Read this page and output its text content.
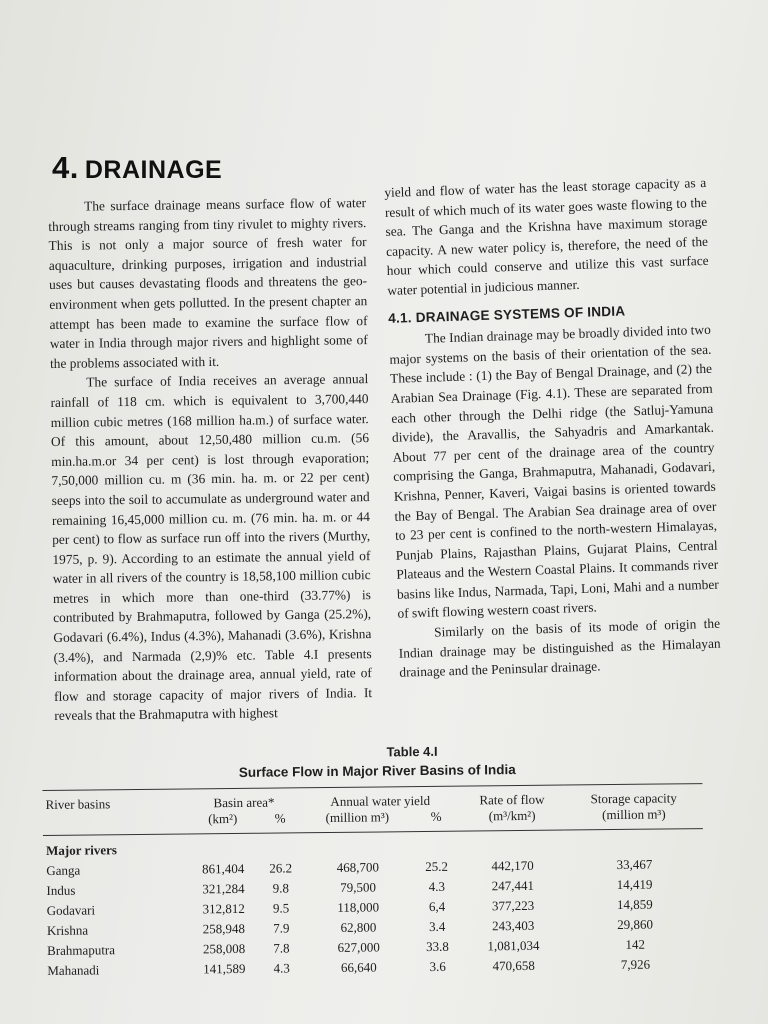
4. DRAINAGE

The surface drainage means surface flow of water through streams ranging from tiny rivulet to mighty rivers. This is not only a major source of fresh water for aquaculture, drinking purposes, irrigation and industrial uses but causes devastating floods and threatens the geo-environment when gets pollutted. In the present chapter an attempt has been made to examine the surface flow of water in India through major rivers and highlight some of the problems associated with it.

The surface of India receives an average annual rainfall of 118 cm. which is equivalent to 3,700,440 million cubic metres (168 million ha.m.) of surface water. Of this amount, about 12,50,480 million cu.m. (56 min.ha.m.or 34 per cent) is lost through evaporation; 7,50,000 million cu. m (36 min. ha. m. or 22 per cent) seeps into the soil to accumulate as underground water and remaining 16,45,000 million cu. m. (76 min. ha. m. or 44 per cent) to flow as surface run off into the rivers (Murthy, 1975, p. 9). According to an estimate the annual yield of water in all rivers of the country is 18,58,100 million cubic metres in which more than one-third (33.77%) is contributed by Brahmaputra, followed by Ganga (25.2%), Godavari (6.4%), Indus (4.3%), Mahanadi (3.6%), Krishna (3.4%), and Narmada (2,9)% etc. Table 4.I presents information about the drainage area, annual yield, rate of flow and storage capacity of major rivers of India. It reveals that the Brahmaputra with highest

yield and flow of water has the least storage capacity as a result of which much of its water goes waste flowing to the sea. The Ganga and the Krishna have maximum storage capacity. A new water policy is, therefore, the need of the hour which could conserve and utilize this vast surface water potential in judicious manner.

4.1. DRAINAGE SYSTEMS OF INDIA

The Indian drainage may be broadly divided into two major systems on the basis of their orientation of the sea. These include : (1) the Bay of Bengal Drainage, and (2) the Arabian Sea Drainage (Fig. 4.1). These are separated from each other through the Delhi ridge (the Satluj-Yamuna divide), the Aravallis, the Sahyadris and Amarkantak. About 77 per cent of the drainage area of the country comprising the Ganga, Brahmaputra, Mahanadi, Godavari, Krishna, Penner, Kaveri, Vaigai basins is oriented towards the Bay of Bengal. The Arabian Sea drainage area of over to 23 per cent is confined to the north-western Himalayas, Punjab Plains, Rajasthan Plains, Gujarat Plains, Central Plateaus and the Western Coastal Plains. It commands river basins like Indus, Narmada, Tapi, Loni, Mahi and a number of swift flowing western coast rivers.

Similarly on the basis of its mode of origin the Indian drainage may be distinguished as the Himalayan drainage and the Peninsular drainage.

Table 4.I
Surface Flow in Major River Basins of India
River basins	Basin area*		Annual water yield		Rate of flow	Storage capacity
	(km²)	%	(million m³)	%	(m³/km²)	(million m³)
Major rivers						
Ganga	861,404	26.2	468,700	25.2	442,170	33,467
Indus	321,284	9.8	79,500	4.3	247,441	14,419
Godavari	312,812	9.5	118,000	6,4	377,223	14,859
Krishna	258,948	7.9	62,800	3.4	243,403	29,860
Brahmaputra	258,008	7.8	627,000	33.8	1,081,034	142
Mahanadi	141,589	4.3	66,640	3.6	470,658	7,926
